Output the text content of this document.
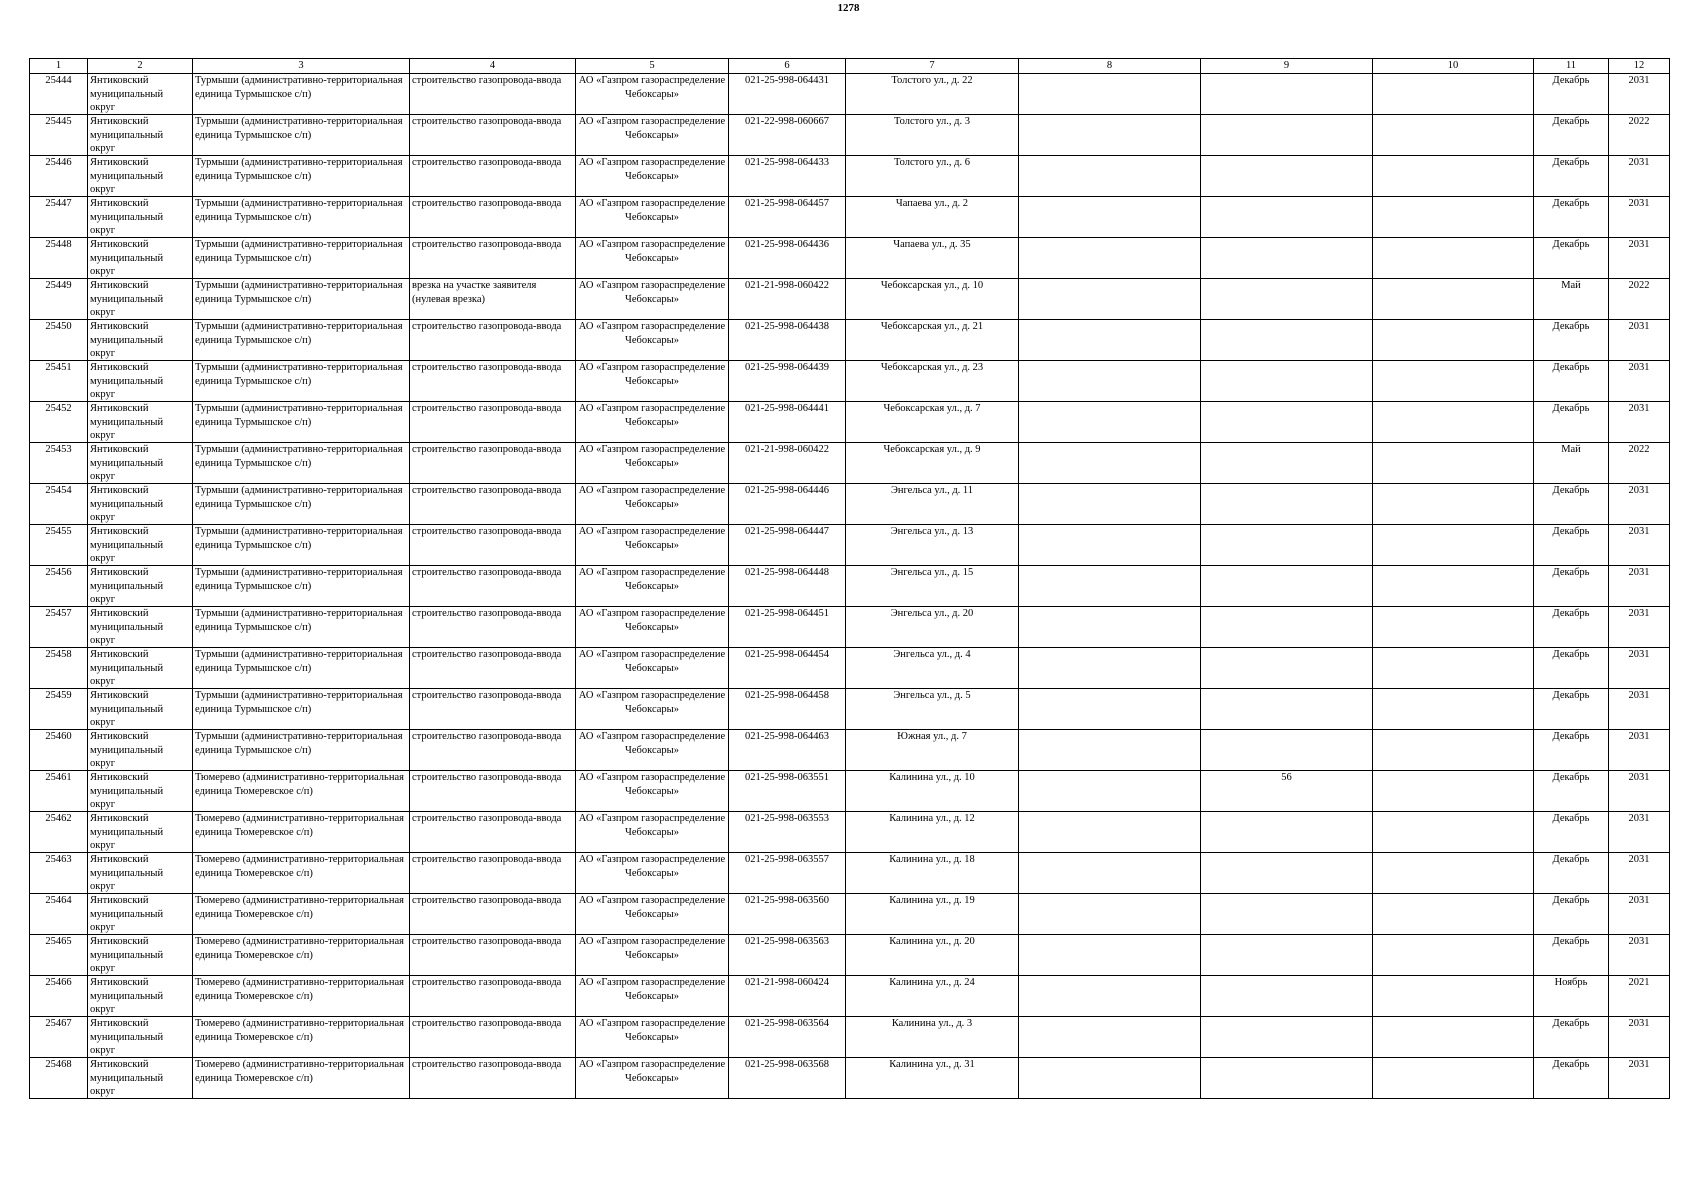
1278
1	2	3	4	5	6	7	8	9	10	11	12

25444	Янтиковский муниципальный округ	Турмыши (административно-территориальная единица Турмышское с/п)	строительство газопровода-ввода	АО «Газпром газораспределение Чебоксары»	021-25-998-064431	Толстого ул., д. 22				Декабрь	2031

25445	Янтиковский муниципальный округ	Турмыши (административно-территориальная единица Турмышское с/п)	строительство газопровода-ввода	АО «Газпром газораспределение Чебоксары»	021-22-998-060667	Толстого ул., д. 3				Декабрь	2022

25446	Янтиковский муниципальный округ	Турмыши (административно-территориальная единица Турмышское с/п)	строительство газопровода-ввода	АО «Газпром газораспределение Чебоксары»	021-25-998-064433	Толстого ул., д. 6				Декабрь	2031

25447	Янтиковский муниципальный округ	Турмыши (административно-территориальная единица Турмышское с/п)	строительство газопровода-ввода	АО «Газпром газораспределение Чебоксары»	021-25-998-064457	Чапаева ул., д. 2				Декабрь	2031

25448	Янтиковский муниципальный округ	Турмыши (административно-территориальная единица Турмышское с/п)	строительство газопровода-ввода	АО «Газпром газораспределение Чебоксары»	021-25-998-064436	Чапаева ул., д. 35				Декабрь	2031

25449	Янтиковский муниципальный округ	Турмыши (административно-территориальная единица Турмышское с/п)	врезка на участке заявителя (нулевая врезка)	АО «Газпром газораспределение Чебоксары»	021-21-998-060422	Чебоксарская ул., д. 10				Май	2022

25450	Янтиковский муниципальный округ	Турмыши (административно-территориальная единица Турмышское с/п)	строительство газопровода-ввода	АО «Газпром газораспределение Чебоксары»	021-25-998-064438	Чебоксарская ул., д. 21				Декабрь	2031

25451	Янтиковский муниципальный округ	Турмыши (административно-территориальная единица Турмышское с/п)	строительство газопровода-ввода	АО «Газпром газораспределение Чебоксары»	021-25-998-064439	Чебоксарская ул., д. 23				Декабрь	2031

25452	Янтиковский муниципальный округ	Турмыши (административно-территориальная единица Турмышское с/п)	строительство газопровода-ввода	АО «Газпром газораспределение Чебоксары»	021-25-998-064441	Чебоксарская ул., д. 7				Декабрь	2031

25453	Янтиковский муниципальный округ	Турмыши (административно-территориальная единица Турмышское с/п)	строительство газопровода-ввода	АО «Газпром газораспределение Чебоксары»	021-21-998-060422	Чебоксарская ул., д. 9				Май	2022

25454	Янтиковский муниципальный округ	Турмыши (административно-территориальная единица Турмышское с/п)	строительство газопровода-ввода	АО «Газпром газораспределение Чебоксары»	021-25-998-064446	Энгельса ул., д. 11				Декабрь	2031

25455	Янтиковский муниципальный округ	Турмыши (административно-территориальная единица Турмышское с/п)	строительство газопровода-ввода	АО «Газпром газораспределение Чебоксары»	021-25-998-064447	Энгельса ул., д. 13				Декабрь	2031

25456	Янтиковский муниципальный округ	Турмыши (административно-территориальная единица Турмышское с/п)	строительство газопровода-ввода	АО «Газпром газораспределение Чебоксары»	021-25-998-064448	Энгельса ул., д. 15				Декабрь	2031

25457	Янтиковский муниципальный округ	Турмыши (административно-территориальная единица Турмышское с/п)	строительство газопровода-ввода	АО «Газпром газораспределение Чебоксары»	021-25-998-064451	Энгельса ул., д. 20				Декабрь	2031

25458	Янтиковский муниципальный округ	Турмыши (административно-территориальная единица Турмышское с/п)	строительство газопровода-ввода	АО «Газпром газораспределение Чебоксары»	021-25-998-064454	Энгельса ул., д. 4				Декабрь	2031

25459	Янтиковский муниципальный округ	Турмыши (административно-территориальная единица Турмышское с/п)	строительство газопровода-ввода	АО «Газпром газораспределение Чебоксары»	021-25-998-064458	Энгельса ул., д. 5				Декабрь	2031

25460	Янтиковский муниципальный округ	Турмыши (административно-территориальная единица Турмышское с/п)	строительство газопровода-ввода	АО «Газпром газораспределение Чебоксары»	021-25-998-064463	Южная ул., д. 7				Декабрь	2031

25461	Янтиковский муниципальный округ	Тюмерево (административно-территориальная единица Тюмеревское с/п)	строительство газопровода-ввода	АО «Газпром газораспределение Чебоксары»	021-25-998-063551	Калинина ул., д. 10		56		Декабрь	2031

25462	Янтиковский муниципальный округ	Тюмерево (административно-территориальная единица Тюмеревское с/п)	строительство газопровода-ввода	АО «Газпром газораспределение Чебоксары»	021-25-998-063553	Калинина ул., д. 12				Декабрь	2031

25463	Янтиковский муниципальный округ	Тюмерево (административно-территориальная единица Тюмеревское с/п)	строительство газопровода-ввода	АО «Газпром газораспределение Чебоксары»	021-25-998-063557	Калинина ул., д. 18				Декабрь	2031

25464	Янтиковский муниципальный округ	Тюмерево (административно-территориальная единица Тюмеревское с/п)	строительство газопровода-ввода	АО «Газпром газораспределение Чебоксары»	021-25-998-063560	Калинина ул., д. 19				Декабрь	2031

25465	Янтиковский муниципальный округ	Тюмерево (административно-территориальная единица Тюмеревское с/п)	строительство газопровода-ввода	АО «Газпром газораспределение Чебоксары»	021-25-998-063563	Калинина ул., д. 20				Декабрь	2031

25466	Янтиковский муниципальный округ	Тюмерево (административно-территориальная единица Тюмеревское с/п)	строительство газопровода-ввода	АО «Газпром газораспределение Чебоксары»	021-21-998-060424	Калинина ул., д. 24				Ноябрь	2021

25467	Янтиковский муниципальный округ	Тюмерево (административно-территориальная единица Тюмеревское с/п)	строительство газопровода-ввода	АО «Газпром газораспределение Чебоксары»	021-25-998-063564	Калинина ул., д. 3				Декабрь	2031

25468	Янтиковский муниципальный округ	Тюмерево (административно-территориальная единица Тюмеревское с/п)	строительство газопровода-ввода	АО «Газпром газораспределение Чебоксары»	021-25-998-063568	Калинина ул., д. 31				Декабрь	2031
